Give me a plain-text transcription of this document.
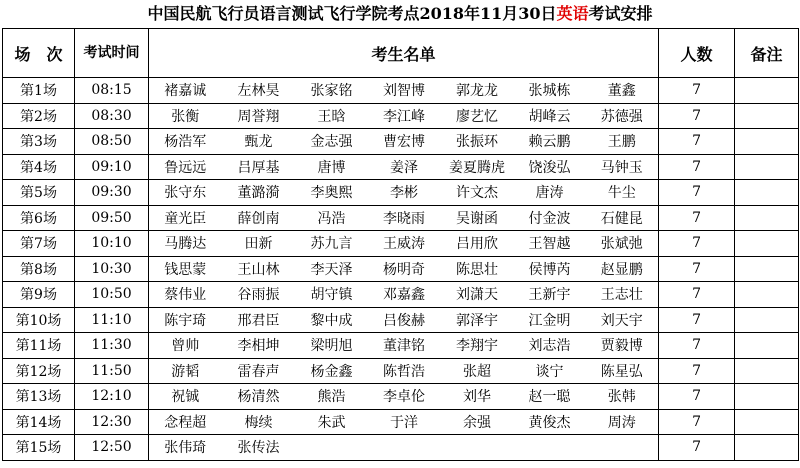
中国民航飞行员语言测试飞行学院考点2018年11月30日英语考试安排
场　次	考试时间	考生名单							人数	备注
第1场	08:15	褚嘉诚	左林昊	张家铭	刘智博	郭龙龙	张城栋	董鑫	7	
第2场	08:30	张衡	周誉翔	王晗	李江峰	廖艺忆	胡峰云	苏德强	7	
第3场	08:50	杨浩军	甄龙	金志强	曹宏博	张振环	赖云鹏	王鹏	7	
第4场	09:10	鲁远远	吕厚基	唐博	姜泽	姜夏腾虎	饶浚弘	马钟玉	7	
第5场	09:30	张守东	董潞漪	李奥熙	李彬	许文杰	唐涛	牛尘	7	
第6场	09:50	童光臣	薛创南	冯浩	李晓雨	吴谢函	付金波	石健昆	7	
第7场	10:10	马腾达	田新	苏九言	王威涛	吕用欣	王智越	张斌弛	7	
第8场	10:30	钱思蒙	王山林	李天泽	杨明奇	陈思壮	侯博芮	赵显鹏	7	
第9场	10:50	蔡伟业	谷雨振	胡守镇	邓嘉鑫	刘潇天	王新宇	王志壮	7	
第10场	11:10	陈宇琦	邢君臣	黎中成	吕俊赫	郭泽宇	江金明	刘天宇	7	
第11场	11:30	曾帅	李相坤	梁明旭	董津铭	李翔宇	刘志浩	贾毅博	7	
第12场	11:50	游韬	雷春声	杨金鑫	陈哲浩	张超	谈宁	陈星弘	7	
第13场	12:10	祝铖	杨清然	熊浩	李卓伦	刘华	赵一聪	张韩	7	
第14场	12:30	念程超	梅续	朱武	于洋	余强	黄俊杰	周涛	7	
第15场	12:50	张伟琦	张传法						7	
